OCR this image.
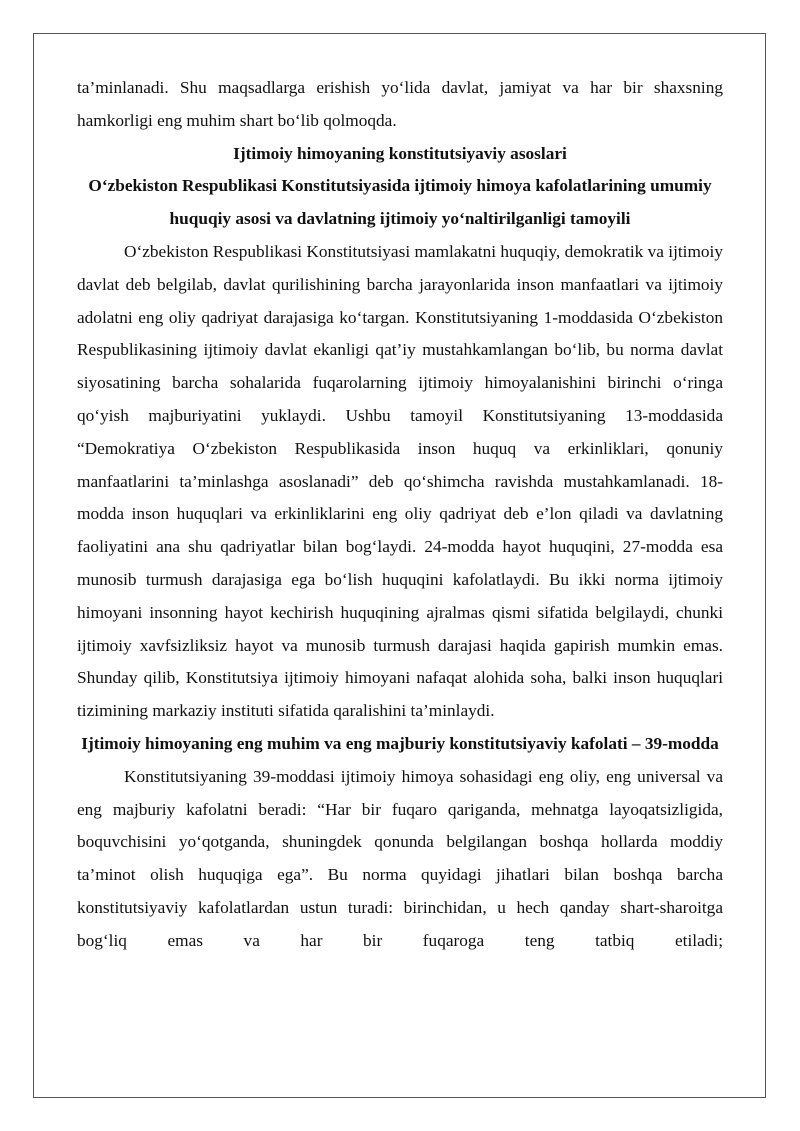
ta’minlanadi. Shu maqsadlarga erishish yo‘lida davlat, jamiyat va har bir shaxsning hamkorligi eng muhim shart bo‘lib qolmoqda.

Ijtimoiy himoyaning konstitutsiyaviy asoslari
O‘zbekiston Respublikasi Konstitutsiyasida ijtimoiy himoya kafolatlarining umumiy huquqiy asosi va davlatning ijtimoiy yo‘naltirilganligi tamoyili

O‘zbekiston Respublikasi Konstitutsiyasi mamlakatni huquqiy, demokratik va ijtimoiy davlat deb belgilab, davlat qurilishining barcha jarayonlarida inson manfaatlari va ijtimoiy adolatni eng oliy qadriyat darajasiga ko‘targan. Konstitutsiyaning 1-moddasida O‘zbekiston Respublikasining ijtimoiy davlat ekanligi qat’iy mustahkamlangan bo‘lib, bu norma davlat siyosatining barcha sohalarida fuqarolarning ijtimoiy himoyalanishini birinchi o‘ringa qo‘yish majburiyatini yuklaydi. Ushbu tamoyil Konstitutsiyaning 13-moddasida “Demokratiya O‘zbekiston Respublikasida inson huquq va erkinliklari, qonuniy manfaatlarini ta’minlashga asoslanadi” deb qo‘shimcha ravishda mustahkamlanadi. 18-modda inson huquqlari va erkinliklarini eng oliy qadriyat deb e’lon qiladi va davlatning faoliyatini ana shu qadriyatlar bilan bog‘laydi. 24-modda hayot huquqini, 27-modda esa munosib turmush darajasiga ega bo‘lish huquqini kafolatlaydi. Bu ikki norma ijtimoiy himoyani insonning hayot kechirish huquqining ajralmas qismi sifatida belgilaydi, chunki ijtimoiy xavfsizliksiz hayot va munosib turmush darajasi haqida gapirish mumkin emas. Shunday qilib, Konstitutsiya ijtimoiy himoyani nafaqat alohida soha, balki inson huquqlari tizimining markaziy instituti sifatida qaralishini ta’minlaydi.

Ijtimoiy himoyaning eng muhim va eng majburiy konstitutsiyaviy kafolati – 39-modda

Konstitutsiyaning 39-moddasi ijtimoiy himoya sohasidagi eng oliy, eng universal va eng majburiy kafolatni beradi: “Har bir fuqaro qariganda, mehnatga layoqatsizligida, boquvchisini yo‘qotganda, shuningdek qonunda belgilangan boshqa hollarda moddiy ta’minot olish huquqiga ega”. Bu norma quyidagi jihatlari bilan boshqa barcha konstitutsiyaviy kafolatlardan ustun turadi: birinchidan, u hech qanday shart-sharoitga bog‘liq emas va har bir fuqaroga teng tatbiq etiladi;
